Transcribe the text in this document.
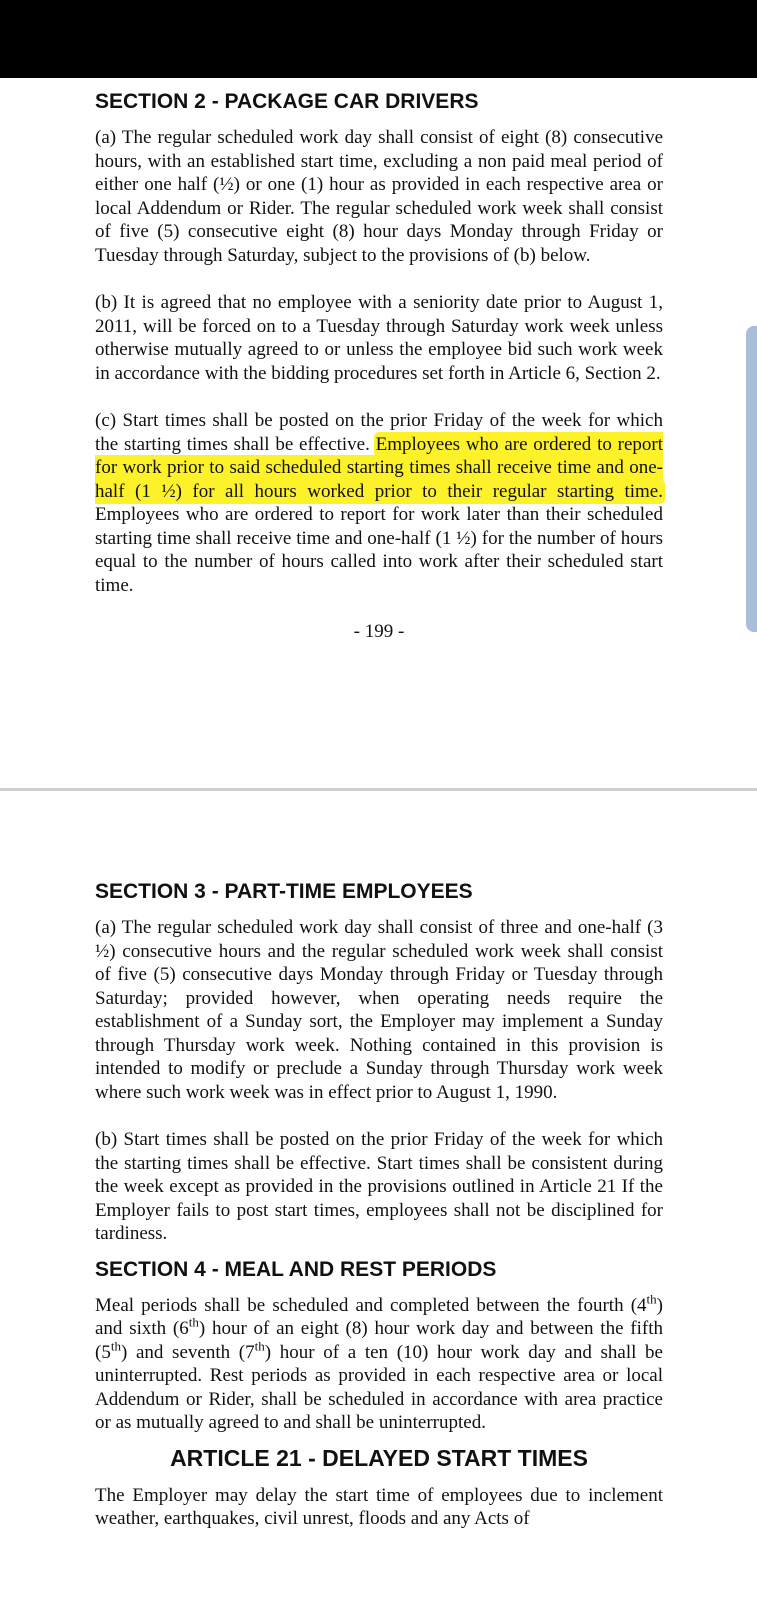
SECTION 2 - PACKAGE CAR DRIVERS

(a) The regular scheduled work day shall consist of eight (8) consecutive hours, with an established start time, excluding a non paid meal period of either one half (½) or one (1) hour as provided in each respective area or local Addendum or Rider. The regular scheduled work week shall consist of five (5) consecutive eight (8) hour days Monday through Friday or Tuesday through Saturday, subject to the provisions of (b) below.

(b) It is agreed that no employee with a seniority date prior to August 1, 2011, will be forced on to a Tuesday through Saturday work week unless otherwise mutually agreed to or unless the employee bid such work week in accordance with the bidding procedures set forth in Article 6, Section 2.

(c) Start times shall be posted on the prior Friday of the week for which the starting times shall be effective. Employees who are ordered to report for work prior to said scheduled starting times shall receive time and one-half (1 ½) for all hours worked prior to their regular starting time. Employees who are ordered to report for work later than their scheduled starting time shall receive time and one-half (1 ½) for the number of hours equal to the number of hours called into work after their scheduled start time.

- 199 -
SECTION 3 - PART-TIME EMPLOYEES

(a) The regular scheduled work day shall consist of three and one-half (3 ½) consecutive hours and the regular scheduled work week shall consist of five (5) consecutive days Monday through Friday or Tuesday through Saturday; provided however, when operating needs require the establishment of a Sunday sort, the Employer may implement a Sunday through Thursday work week. Nothing contained in this provision is intended to modify or preclude a Sunday through Thursday work week where such work week was in effect prior to August 1, 1990.

(b) Start times shall be posted on the prior Friday of the week for which the starting times shall be effective. Start times shall be consistent during the week except as provided in the provisions outlined in Article 21 If the Employer fails to post start times, employees shall not be disciplined for tardiness.

SECTION 4 - MEAL AND REST PERIODS

Meal periods shall be scheduled and completed between the fourth (4th) and sixth (6th) hour of an eight (8) hour work day and between the fifth (5th) and seventh (7th) hour of a ten (10) hour work day and shall be uninterrupted. Rest periods as provided in each respective area or local Addendum or Rider, shall be scheduled in accordance with area practice or as mutually agreed to and shall be uninterrupted.

ARTICLE 21 - DELAYED START TIMES

The Employer may delay the start time of employees due to inclement weather, earthquakes, civil unrest, floods and any Acts of
